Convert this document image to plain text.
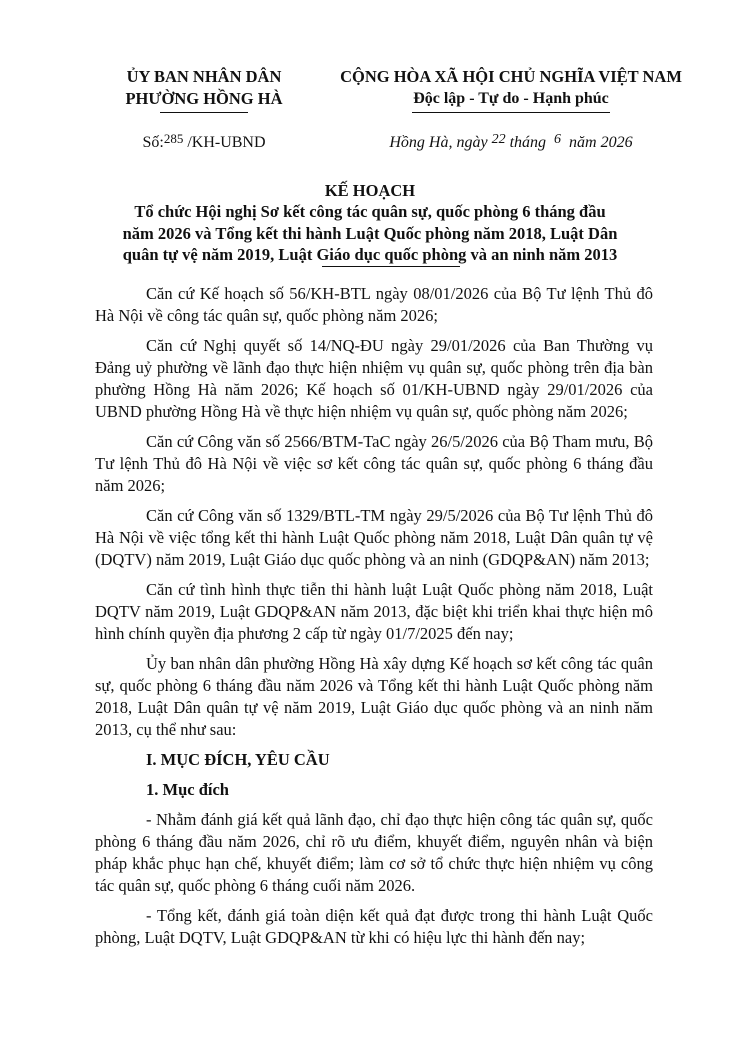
ỦY BAN NHÂN DÂN
PHƯỜNG HỒNG HÀ
Số:$^{285}$ /KH-UBND
CỘNG HÒA XÃ HỘI CHỦ NGHĨA VIỆT NAM
Độc lập - Tự do - Hạnh phúc
Hồng Hà, ngày 22 tháng 6 năm 2026
KẾ HOẠCH
Tổ chức Hội nghị Sơ kết công tác quân sự, quốc phòng 6 tháng đầu năm 2026 và Tổng kết thi hành Luật Quốc phòng năm 2018, Luật Dân quân tự vệ năm 2019, Luật Giáo dục quốc phòng và an ninh năm 2013

Căn cứ Kế hoạch số 56/KH-BTL ngày 08/01/2026 của Bộ Tư lệnh Thủ đô Hà Nội về công tác quân sự, quốc phòng năm 2026;

Căn cứ Nghị quyết số 14/NQ-ĐU ngày 29/01/2026 của Ban Thường vụ Đảng uỷ phường về lãnh đạo thực hiện nhiệm vụ quân sự, quốc phòng trên địa bàn phường Hồng Hà năm 2026; Kế hoạch số 01/KH-UBND ngày 29/01/2026 của UBND phường Hồng Hà về thực hiện nhiệm vụ quân sự, quốc phòng năm 2026;

Căn cứ Công văn số 2566/BTM-TaC ngày 26/5/2026 của Bộ Tham mưu, Bộ Tư lệnh Thủ đô Hà Nội về việc sơ kết công tác quân sự, quốc phòng 6 tháng đầu năm 2026;

Căn cứ Công văn số 1329/BTL-TM ngày 29/5/2026 của Bộ Tư lệnh Thủ đô Hà Nội về việc tổng kết thi hành Luật Quốc phòng năm 2018, Luật Dân quân tự vệ (DQTV) năm 2019, Luật Giáo dục quốc phòng và an ninh (GDQP&AN) năm 2013;

Căn cứ tình hình thực tiễn thi hành luật Luật Quốc phòng năm 2018, Luật DQTV năm 2019, Luật GDQP&AN năm 2013, đặc biệt khi triển khai thực hiện mô hình chính quyền địa phương 2 cấp từ ngày 01/7/2025 đến nay;

Ủy ban nhân dân phường Hồng Hà xây dựng Kế hoạch sơ kết công tác quân sự, quốc phòng 6 tháng đầu năm 2026 và Tổng kết thi hành Luật Quốc phòng năm 2018, Luật Dân quân tự vệ năm 2019, Luật Giáo dục quốc phòng và an ninh năm 2013, cụ thể như sau:

I. MỤC ĐÍCH, YÊU CẦU
1. Mục đích

- Nhằm đánh giá kết quả lãnh đạo, chỉ đạo thực hiện công tác quân sự, quốc phòng 6 tháng đầu năm 2026, chỉ rõ ưu điểm, khuyết điểm, nguyên nhân và biện pháp khắc phục hạn chế, khuyết điểm; làm cơ sở tổ chức thực hiện nhiệm vụ công tác quân sự, quốc phòng 6 tháng cuối năm 2026.

- Tổng kết, đánh giá toàn diện kết quả đạt được trong thi hành Luật Quốc phòng, Luật DQTV, Luật GDQP&AN từ khi có hiệu lực thi hành đến nay;
